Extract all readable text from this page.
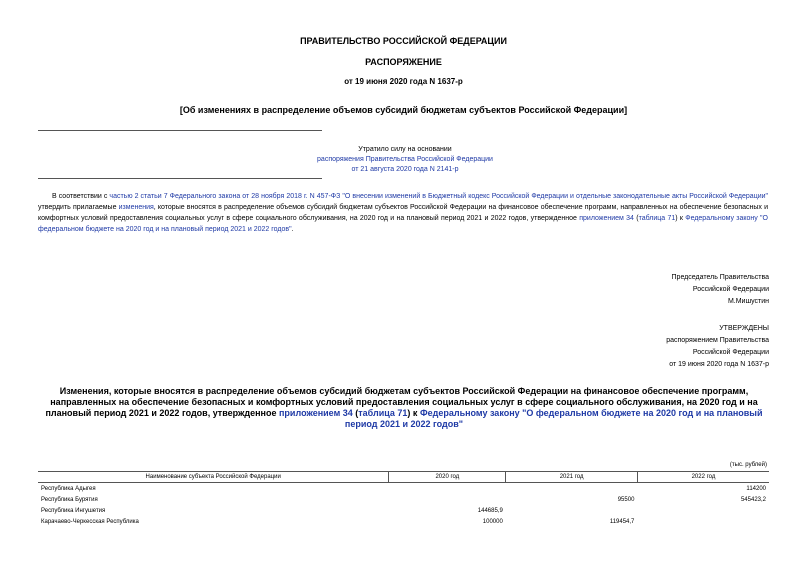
ПРАВИТЕЛЬСТВО РОССИЙСКОЙ ФЕДЕРАЦИИ
РАСПОРЯЖЕНИЕ
от 19 июня 2020 года N 1637-р
[Об изменениях в распределение объемов субсидий бюджетам субъектов Российской Федерации]
Утратило силу на основании
распоряжения Правительства Российской Федерации
от 21 августа 2020 года N 2141-р
В соответствии с частью 2 статьи 7 Федерального закона от 28 ноября 2018 г. N 457-ФЗ "О внесении изменений в Бюджетный кодекс Российской Федерации и отдельные законодательные акты Российской Федерации" утвердить прилагаемые изменения, которые вносятся в распределение объемов субсидий бюджетам субъектов Российской Федерации на финансовое обеспечение программ, направленных на обеспечение безопасных и комфортных условий предоставления социальных услуг в сфере социального обслуживания, на 2020 год и на плановый период 2021 и 2022 годов, утвержденное приложением 34 (таблица 71) к Федеральному закону "О федеральном бюджете на 2020 год и на плановый период 2021 и 2022 годов".
Председатель Правительства
Российской Федерации
М.Мишустин
УТВЕРЖДЕНЫ
распоряжением Правительства
Российской Федерации
от 19 июня 2020 года N 1637-р
Изменения, которые вносятся в распределение объемов субсидий бюджетам субъектов Российской Федерации на финансовое обеспечение программ, направленных на обеспечение безопасных и комфортных условий предоставления социальных услуг в сфере социального обслуживания, на 2020 год и на плановый период 2021 и 2022 годов, утвержденное приложением 34 (таблица 71) к Федеральному закону "О федеральном бюджете на 2020 год и на плановый период 2021 и 2022 годов"
(тыс. рублей)
Наименование субъекта Российской Федерации	2020 год	2021 год	2022 год
Республика Адыгея			114200
Республика Бурятия		95500	545423,2
Республика Ингушетия	144685,9		
Карачаево-Черкесская Республика	100000	119454,7	
